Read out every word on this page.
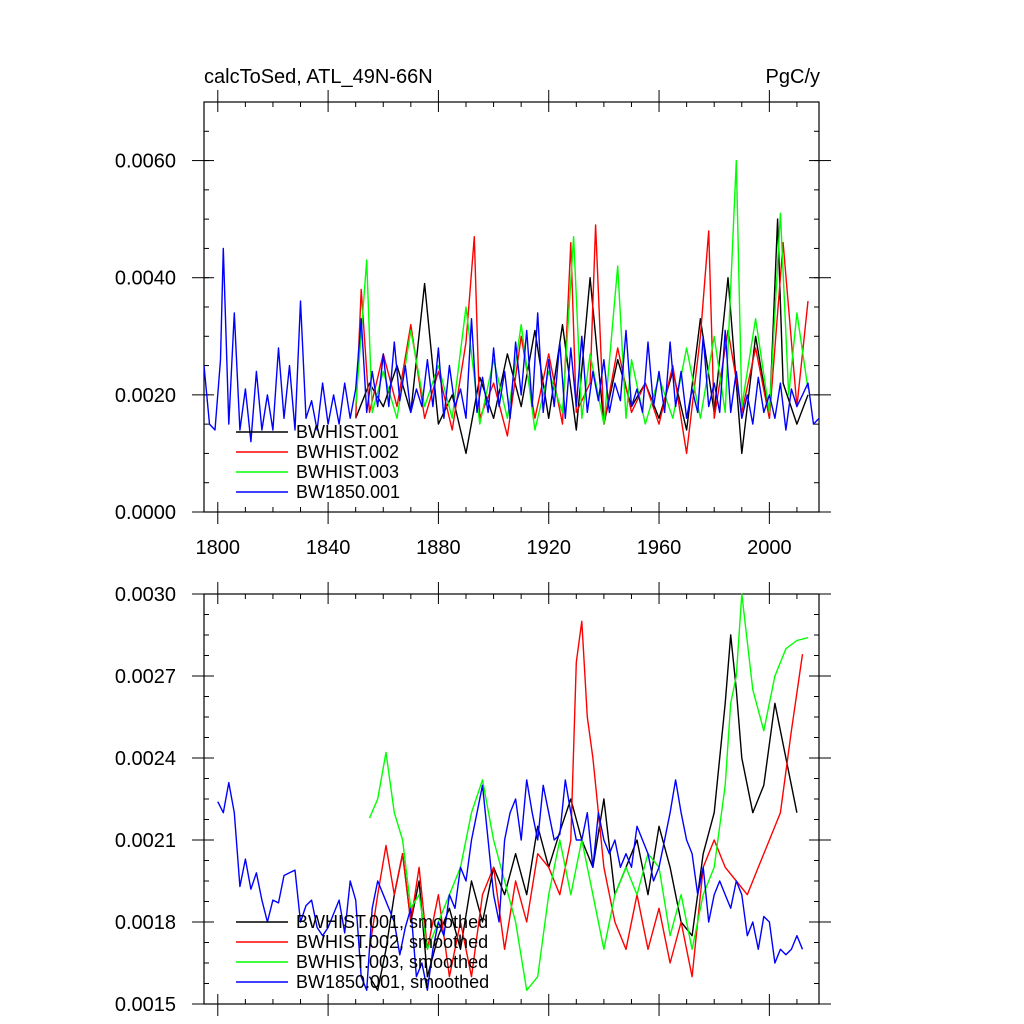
calcToSed, ATL_49N-66N	PgC/y
1800	1840	1880	1920	1960	2000
0.0000
0.0020
0.0040
0.0060
BWHIST.001
BWHIST.002
BWHIST.003
BW1850.001
0.0015
0.0018
0.0021
0.0024
0.0027
0.0030
BWHIST.001, smoothed
BWHIST.002, smoothed
BWHIST.003, smoothed
BW1850.001, smoothed
